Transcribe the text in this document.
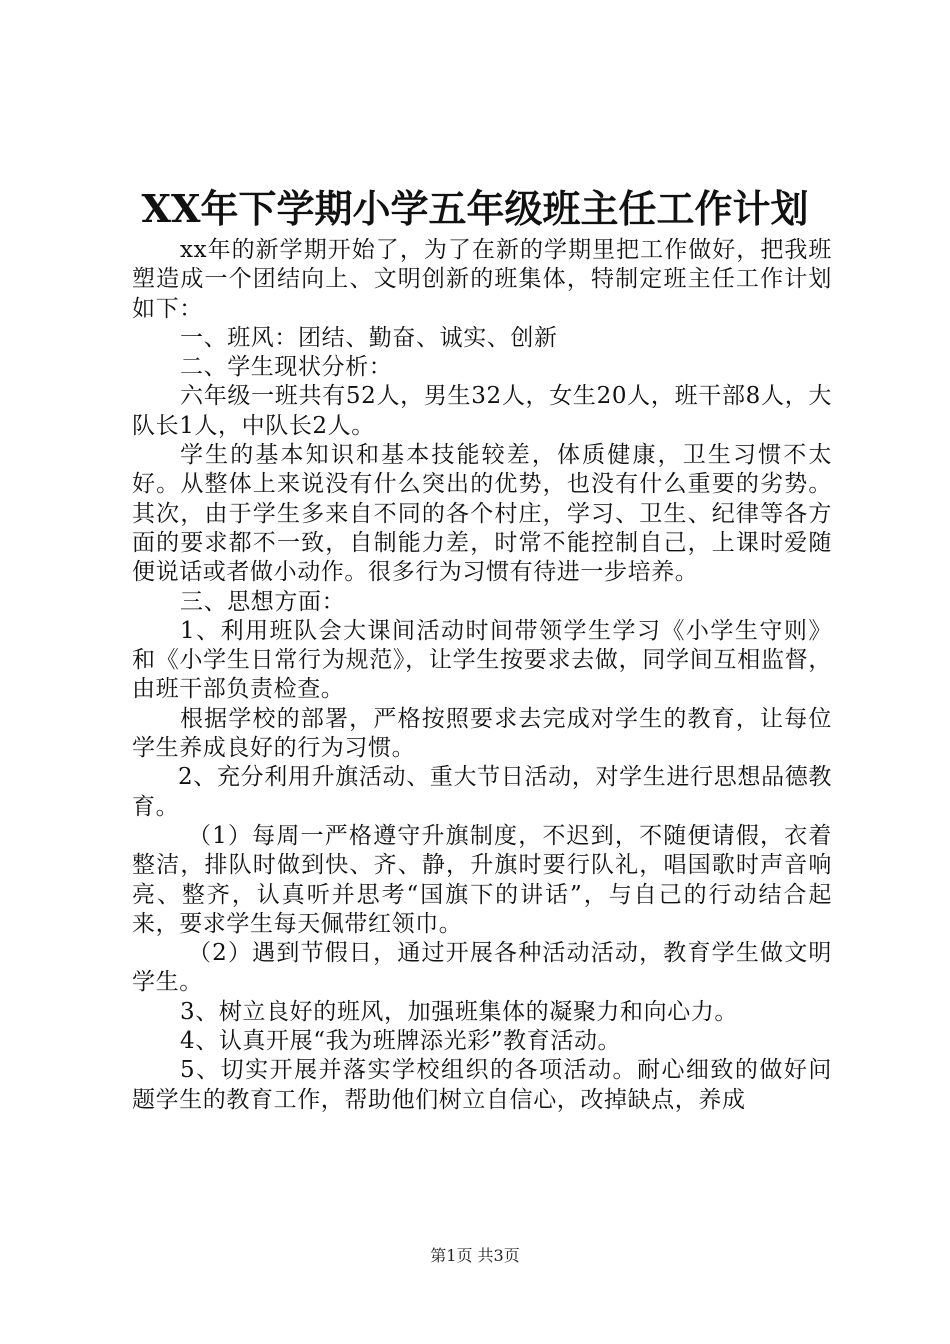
XX年下学期小学五年级班主任工作计划

xx年的新学期开始了，为了在新的学期里把工作做好，把我班塑造成一个团结向上、文明创新的班集体，特制定班主任工作计划如下：

一、班风：团结、勤奋、诚实、创新

二、学生现状分析：

六年级一班共有52人，男生32人，女生20人，班干部8人，大队长1人，中队长2人。

学生的基本知识和基本技能较差，体质健康，卫生习惯不太好。从整体上来说没有什么突出的优势，也没有什么重要的劣势。其次，由于学生多来自不同的各个村庄，学习、卫生、纪律等各方面的要求都不一致，自制能力差，时常不能控制自己，上课时爱随便说话或者做小动作。很多行为习惯有待进一步培养。

三、思想方面：

1、利用班队会大课间活动时间带领学生学习《小学生守则》和《小学生日常行为规范》，让学生按要求去做，同学间互相监督，由班干部负责检查。

根据学校的部署，严格按照要求去完成对学生的教育，让每位学生养成良好的行为习惯。

2、充分利用升旗活动、重大节日活动，对学生进行思想品德教育。

（1）每周一严格遵守升旗制度，不迟到，不随便请假，衣着整洁，排队时做到快、齐、静，升旗时要行队礼，唱国歌时声音响亮、整齐，认真听并思考“国旗下的讲话”，与自己的行动结合起来，要求学生每天佩带红领巾。

（2）遇到节假日，通过开展各种活动活动，教育学生做文明学生。

3、树立良好的班风，加强班集体的凝聚力和向心力。

4、认真开展“我为班牌添光彩”教育活动。

5、切实开展并落实学校组织的各项活动。耐心细致的做好问题学生的教育工作，帮助他们树立自信心，改掉缺点，养成

第1页 共3页
